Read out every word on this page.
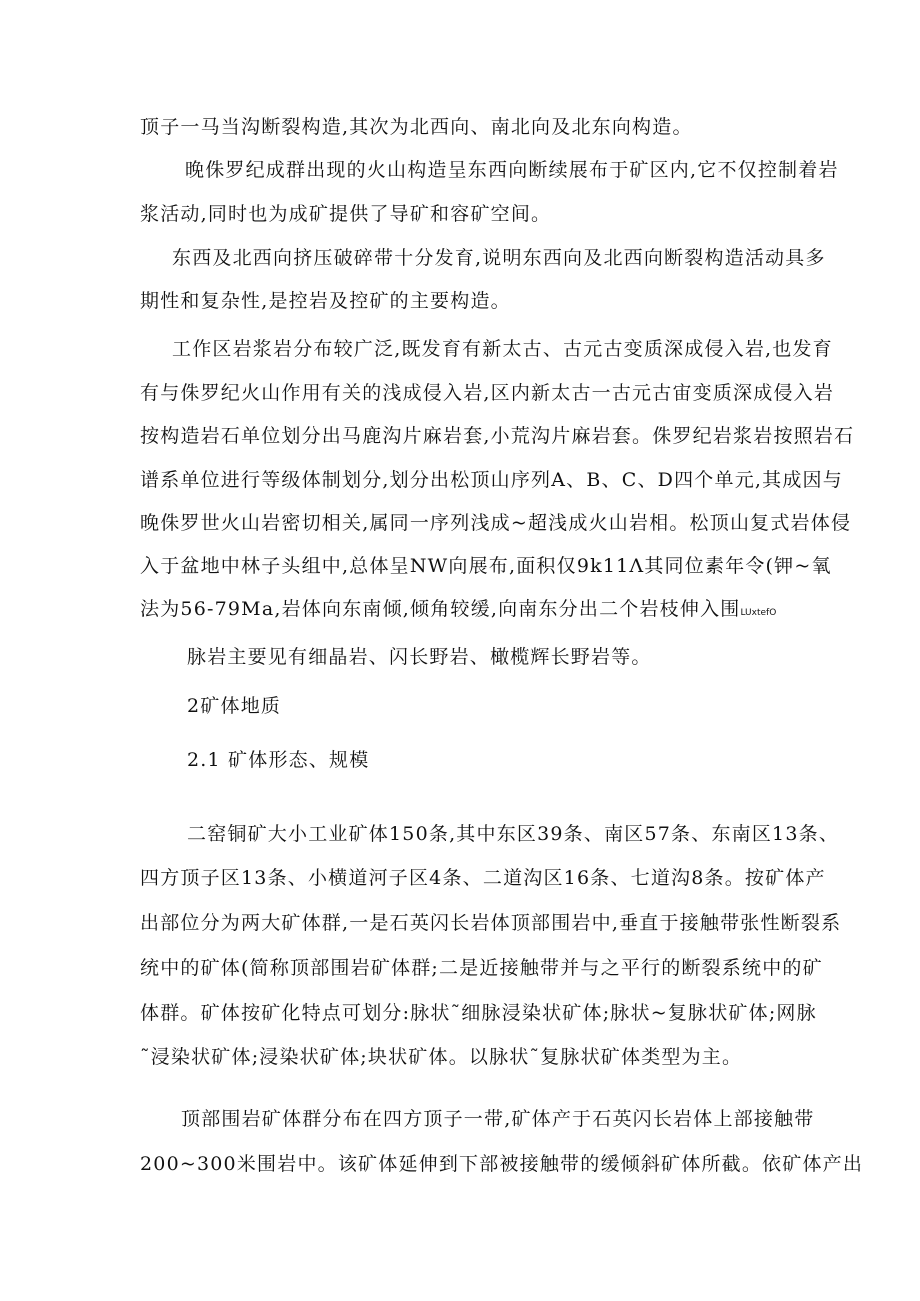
顶子一马当沟断裂构造,其次为北西向、南北向及北东向构造。
晚侏罗纪成群出现的火山构造呈东西向断续展布于矿区内,它不仅控制着岩
浆活动,同时也为成矿提供了导矿和容矿空间。
东西及北西向挤压破碎带十分发育,说明东西向及北西向断裂构造活动具多
期性和复杂性,是控岩及控矿的主要构造。
工作区岩浆岩分布较广泛,既发育有新太古、古元古变质深成侵入岩,也发育
有与侏罗纪火山作用有关的浅成侵入岩,区内新太古一古元古宙变质深成侵入岩
按构造岩石单位划分出马鹿沟片麻岩套,小荒沟片麻岩套。侏罗纪岩浆岩按照岩石
谱系单位进行等级体制划分,划分出松顶山序列A、B、C、D四个单元,其成因与
晚侏罗世火山岩密切相关,属同一序列浅成~超浅成火山岩相。松顶山复式岩体侵
入于盆地中林子头组中,总体呈NW向展布,面积仅9k11Λ其同位素年令(钾~氧
法为56-79Ma,岩体向东南倾,倾角较缓,向南东分出二个岩枝伸入围LUxtefO
脉岩主要见有细晶岩、闪长野岩、橄榄辉长野岩等。
2矿体地质
2.1 矿体形态、规模
二窑铜矿大小工业矿体150条,其中东区39条、南区57条、东南区13条、
四方顶子区13条、小横道河子区4条、二道沟区16条、七道沟8条。按矿体产
出部位分为两大矿体群,一是石英闪长岩体顶部围岩中,垂直于接触带张性断裂系
统中的矿体(简称顶部围岩矿体群;二是近接触带并与之平行的断裂系统中的矿
体群。矿体按矿化特点可划分:脉状˜细脉浸染状矿体;脉状~复脉状矿体;网脉
˜浸染状矿体;浸染状矿体;块状矿体。以脉状˜复脉状矿体类型为主。
顶部围岩矿体群分布在四方顶子一带,矿体产于石英闪长岩体上部接触带
200~300米围岩中。该矿体延伸到下部被接触带的缓倾斜矿体所截。依矿体产出
